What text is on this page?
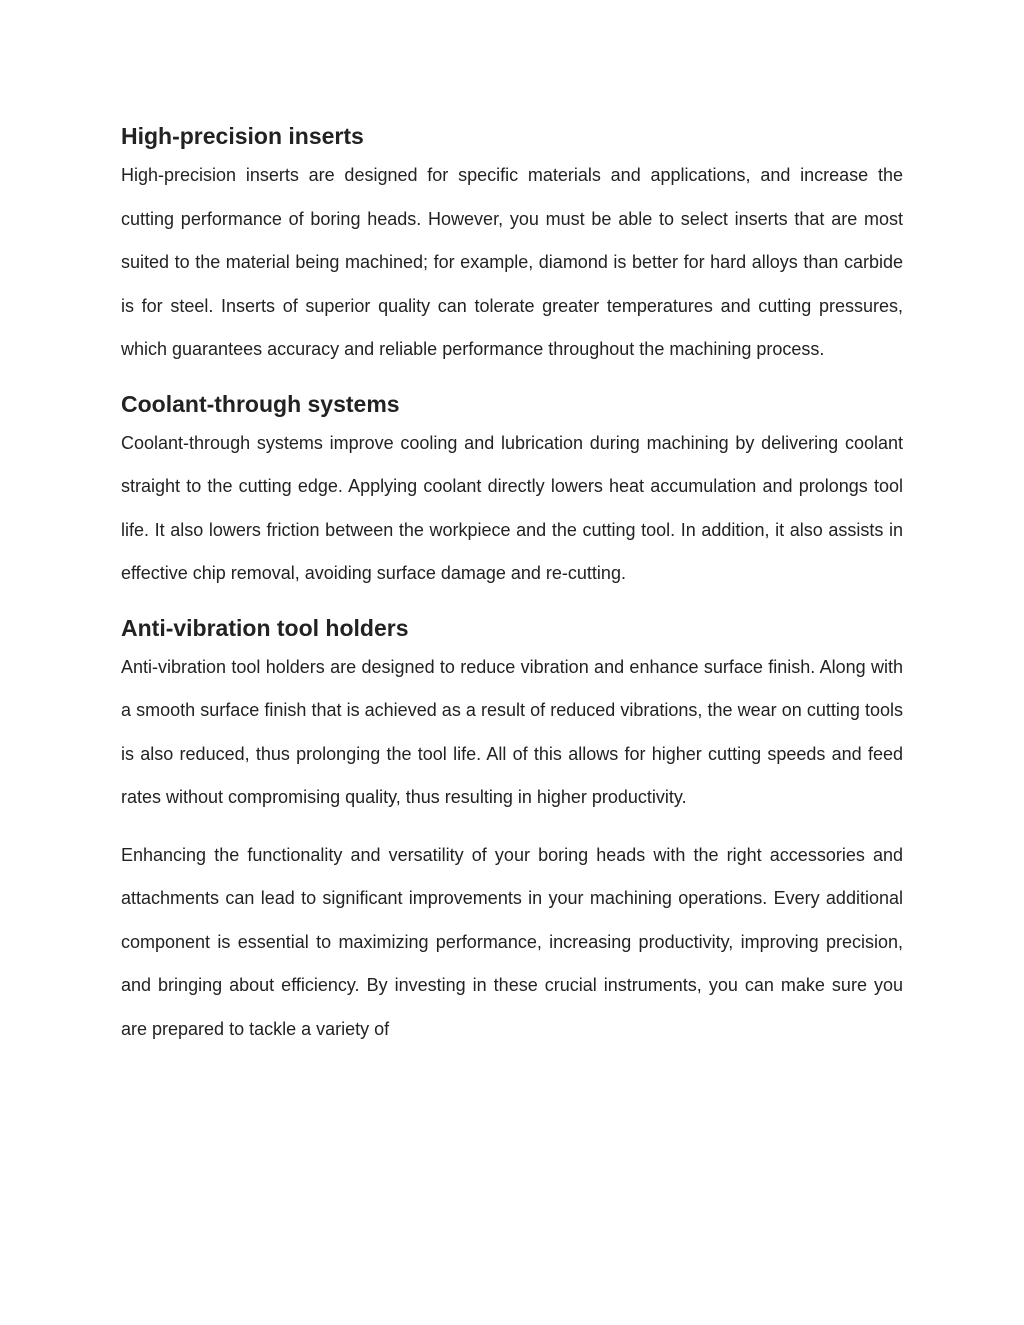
High-precision inserts

High-precision inserts are designed for specific materials and applications, and increase the cutting performance of boring heads. However, you must be able to select inserts that are most suited to the material being machined; for example, diamond is better for hard alloys than carbide is for steel. Inserts of superior quality can tolerate greater temperatures and cutting pressures, which guarantees accuracy and reliable performance throughout the machining process.

Coolant-through systems

Coolant-through systems improve cooling and lubrication during machining by delivering coolant straight to the cutting edge. Applying coolant directly lowers heat accumulation and prolongs tool life. It also lowers friction between the workpiece and the cutting tool. In addition, it also assists in effective chip removal, avoiding surface damage and re-cutting.

Anti-vibration tool holders

Anti-vibration tool holders are designed to reduce vibration and enhance surface finish. Along with a smooth surface finish that is achieved as a result of reduced vibrations, the wear on cutting tools is also reduced, thus prolonging the tool life. All of this allows for higher cutting speeds and feed rates without compromising quality, thus resulting in higher productivity.

Enhancing the functionality and versatility of your boring heads with the right accessories and attachments can lead to significant improvements in your machining operations. Every additional component is essential to maximizing performance, increasing productivity, improving precision, and bringing about efficiency. By investing in these crucial instruments, you can make sure you are prepared to tackle a variety of
